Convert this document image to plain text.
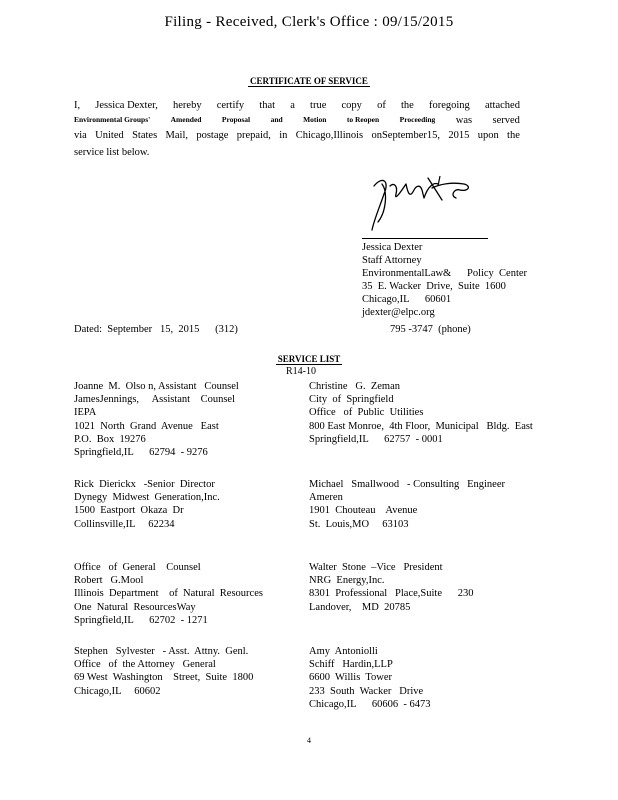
Filing - Received, Clerk's Office : 09/15/2015
CERTIFICATE OF SERVICE
I, Jessica Dexter, hereby certify that a true copy of the foregoing attached
Environmental Groups'	Amended	Proposal	and	Motion	to Reopen	Proceeding was served
via United States Mail, postage prepaid, in Chicago,Illinois onSeptember15, 2015 upon the
service list below.
Jessica Dexter
Staff Attorney
EnvironmentalLaw&      Policy  Center
35  E. Wacker  Drive,  Suite  1600
Chicago,IL      60601
jdexter@elpc.org
Dated:  September   15,  2015      (312)	795 -3747  (phone)
SERVICE LIST
R14-10
Joanne  M.  Olso n, Assistant   Counsel
JamesJennings,     Assistant    Counsel
IEPA
1021  North  Grand  Avenue   East
P.O.  Box  19276
Springfield,IL      62794  - 9276
Christine   G.  Zeman
City  of  Springfield
Office   of  Public  Utilities
800 East Monroe,  4th Floor,  Municipal   Bldg.  East
Springfield,IL      62757  - 0001
Rick  Dierickx   -Senior  Director
Dynegy  Midwest  Generation,Inc.
1500  Eastport  Okaza  Dr
Collinsville,IL     62234
Michael   Smallwood   - Consulting   Engineer
Ameren
1901  Chouteau    Avenue
St.  Louis,MO     63103
Office   of  General    Counsel
Robert   G.Mool
Illinois  Department    of  Natural  Resources
One  Natural  ResourcesWay
Springfield,IL      62702  - 1271
Walter  Stone  –Vice   President
NRG  Energy,Inc.
8301  Professional   Place,Suite      230
Landover,    MD  20785
Stephen   Sylvester   - Asst.  Attny.  Genl.
Office   of  the Attorney   General
69 West  Washington    Street,  Suite  1800
Chicago,IL     60602
Amy  Antoniolli
Schiff   Hardin,LLP
6600  Willis  Tower
233  South  Wacker   Drive
Chicago,IL      60606  - 6473
4
